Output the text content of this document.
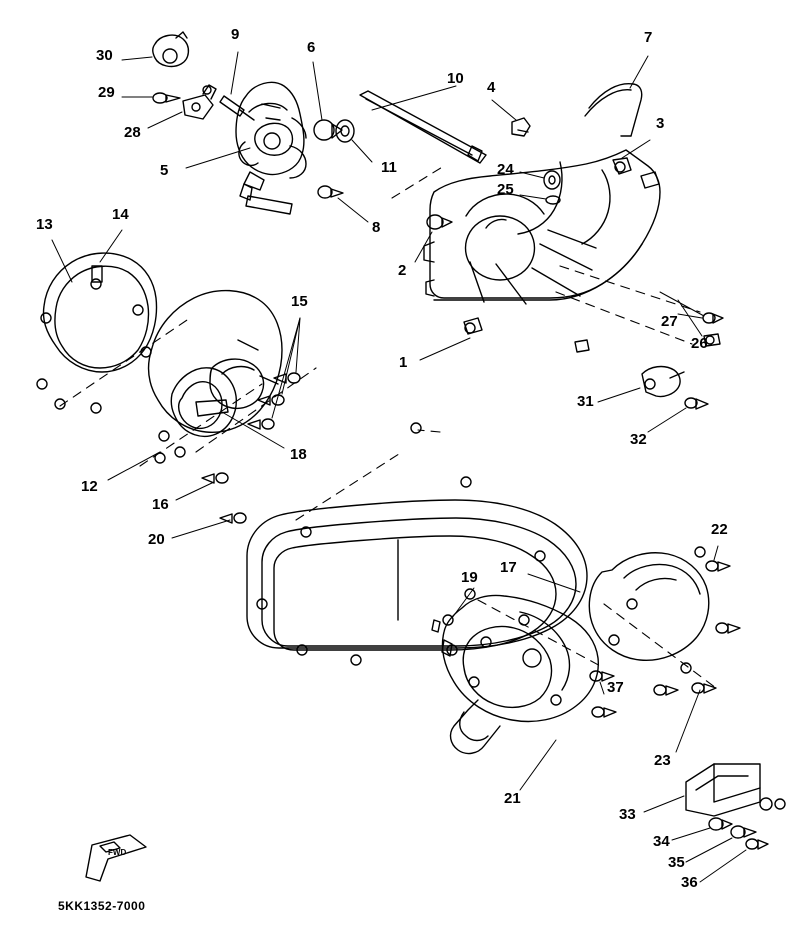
30
9
6
10
4
7
29
3
28
11	24
25
5
8
14
13
2
15
27
26
1
31
32
18
12
16
20
22
17
19
37
23
21
33
34
35
36
FWD
5KK1352-7000
